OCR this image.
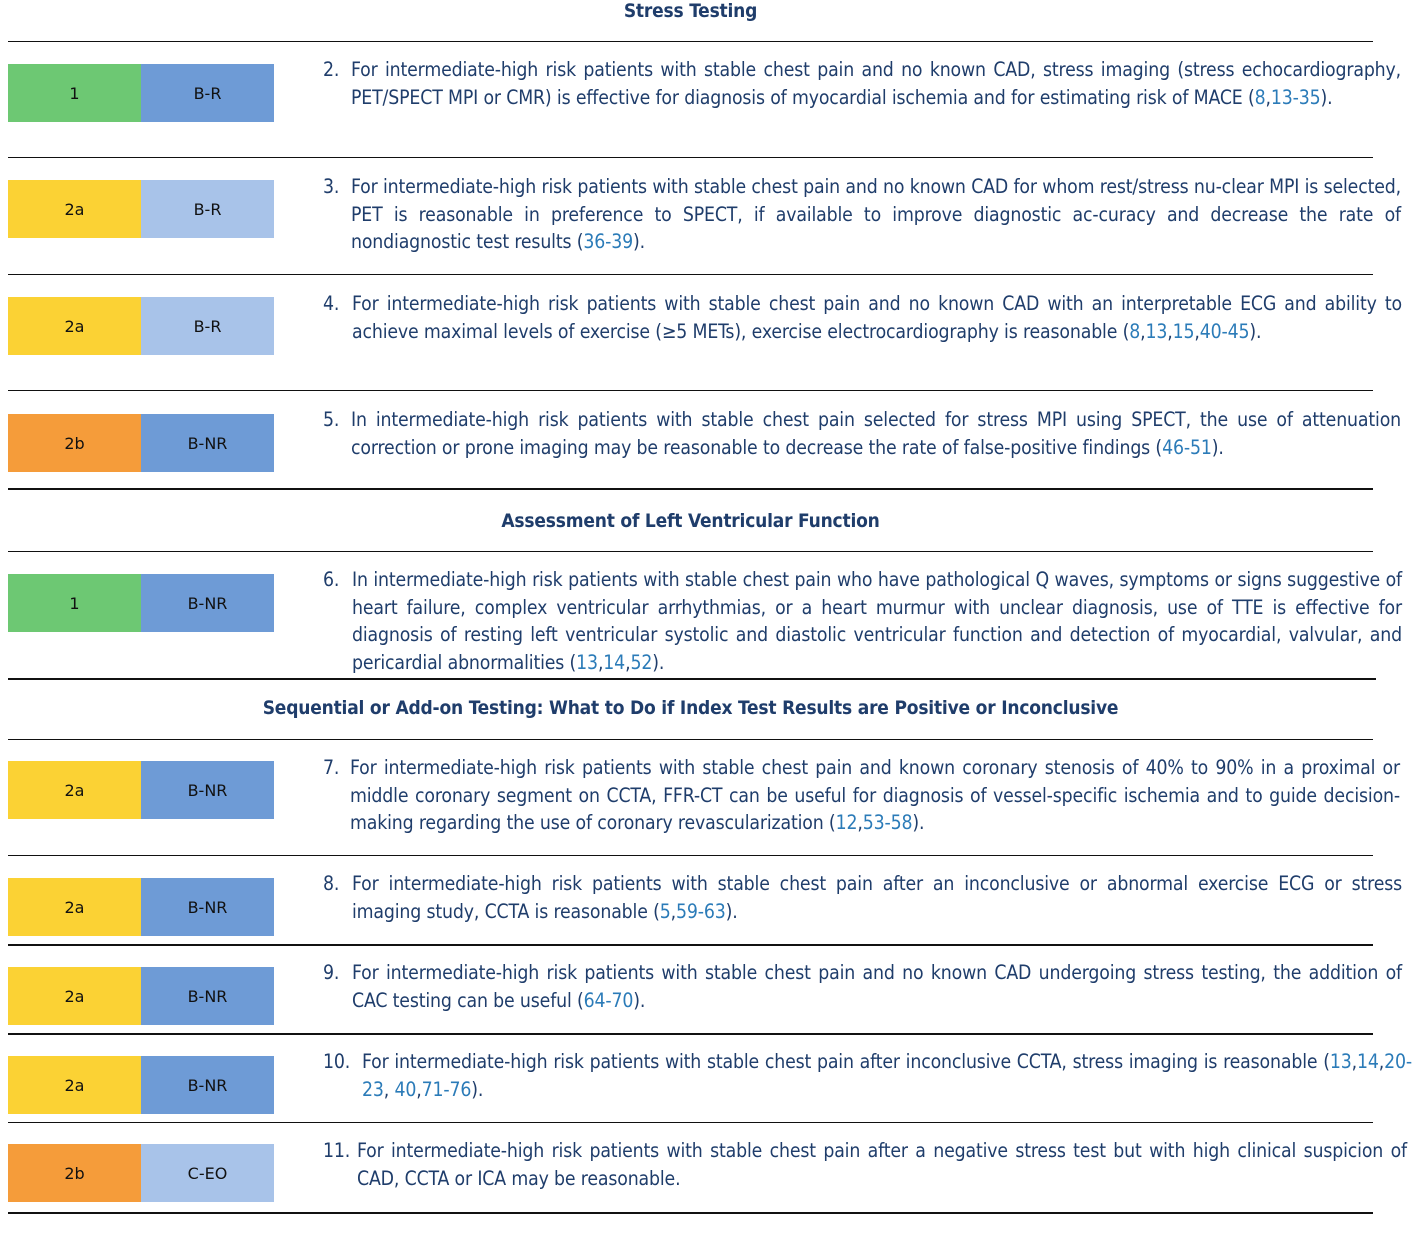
Stress Testing
1	B-R
2. For intermediate-high risk patients with stable chest pain and no known CAD, stress imaging (stress echocardiography, PET/SPECT MPI or CMR) is effective for diagnosis of myocardial ischemia and for estimating risk of MACE (8,13-35).
2a	B-R
3. For intermediate-high risk patients with stable chest pain and no known CAD for whom rest/stress nu-clear MPI is selected, PET is reasonable in preference to SPECT, if available to improve diagnostic ac-curacy and decrease the rate of nondiagnostic test results (36-39).
2a	B-R
4. For intermediate-high risk patients with stable chest pain and no known CAD with an interpretable ECG and ability to achieve maximal levels of exercise (≥5 METs), exercise electrocardiography is reasonable (8,13,15,40-45).
2b	B-NR
5. In intermediate-high risk patients with stable chest pain selected for stress MPI using SPECT, the use of attenuation correction or prone imaging may be reasonable to decrease the rate of false-positive findings (46-51).
Assessment of Left Ventricular Function
1	B-NR
6. In intermediate-high risk patients with stable chest pain who have pathological Q waves, symptoms or signs suggestive of heart failure, complex ventricular arrhythmias, or a heart murmur with unclear diagnosis, use of TTE is effective for diagnosis of resting left ventricular systolic and diastolic ventricular function and detection of myocardial, valvular, and pericardial abnormalities (13,14,52).
Sequential or Add-on Testing: What to Do if Index Test Results are Positive or Inconclusive
2a	B-NR
7. For intermediate-high risk patients with stable chest pain and known coronary stenosis of 40% to 90% in a proximal or middle coronary segment on CCTA, FFR-CT can be useful for diagnosis of vessel-specific ischemia and to guide decision-making regarding the use of coronary revascularization (12,53-58).
2a	B-NR
8. For intermediate-high risk patients with stable chest pain after an inconclusive or abnormal exercise ECG or stress imaging study, CCTA is reasonable (5,59-63).
2a	B-NR
9. For intermediate-high risk patients with stable chest pain and no known CAD undergoing stress testing, the addition of CAC testing can be useful (64-70).
2a	B-NR
10. For intermediate-high risk patients with stable chest pain after inconclusive CCTA, stress imaging is reasonable (13,14,20-23, 40,71-76).
2b	C-EO
11. For intermediate-high risk patients with stable chest pain after a negative stress test but with high clinical suspicion of CAD, CCTA or ICA may be reasonable.
